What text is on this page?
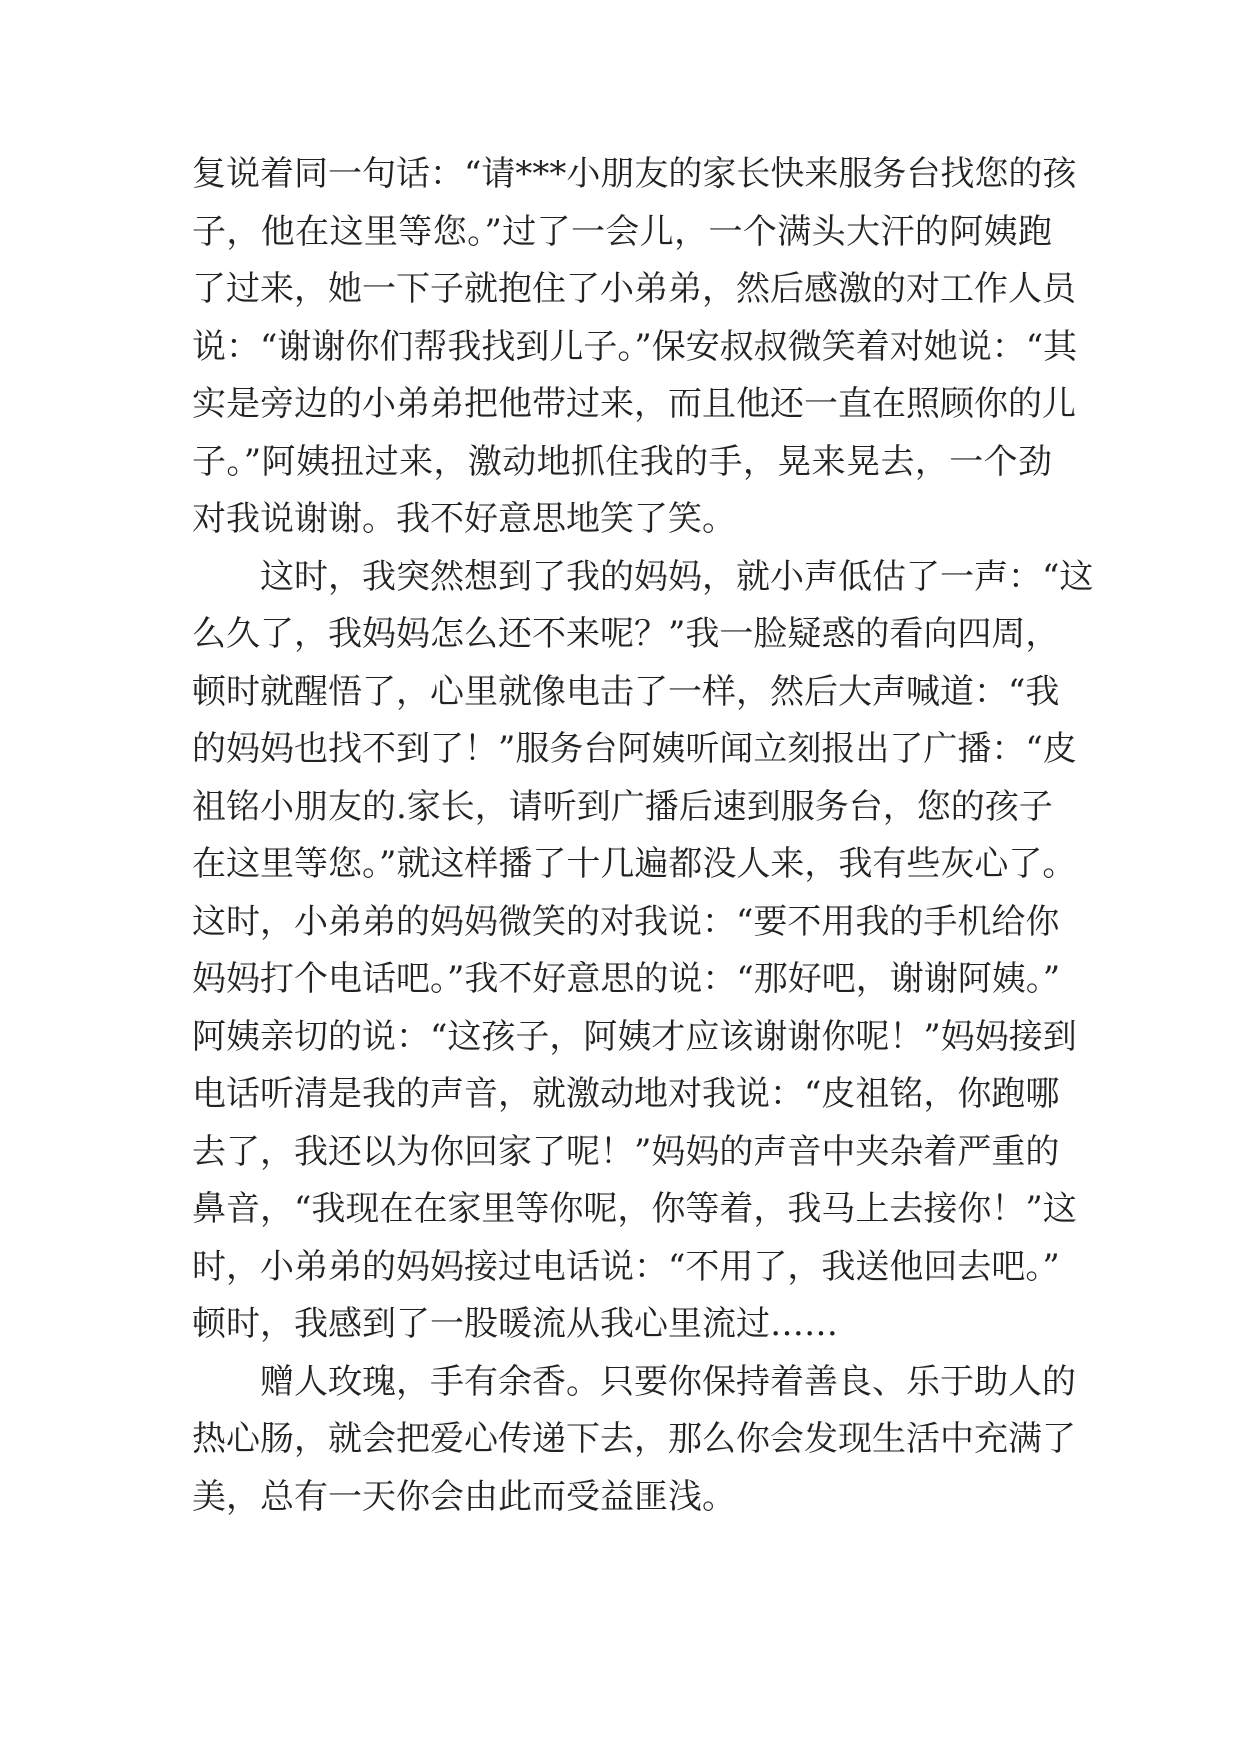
复说着同一句话：“请***小朋友的家长快来服务台找您的孩
子，他在这里等您。”过了一会儿，一个满头大汗的阿姨跑
了过来，她一下子就抱住了小弟弟，然后感激的对工作人员
说：“谢谢你们帮我找到儿子。”保安叔叔微笑着对她说：“其
实是旁边的小弟弟把他带过来，而且他还一直在照顾你的儿
子。”阿姨扭过来，激动地抓住我的手，晃来晃去，一个劲
对我说谢谢。我不好意思地笑了笑。
这时，我突然想到了我的妈妈，就小声低估了一声：“这
么久了，我妈妈怎么还不来呢？”我一脸疑惑的看向四周，
顿时就醒悟了，心里就像电击了一样，然后大声喊道：“我
的妈妈也找不到了！”服务台阿姨听闻立刻报出了广播：“皮
祖铭小朋友的.家长，请听到广播后速到服务台，您的孩子
在这里等您。”就这样播了十几遍都没人来，我有些灰心了。
这时，小弟弟的妈妈微笑的对我说：“要不用我的手机给你
妈妈打个电话吧。”我不好意思的说：“那好吧，谢谢阿姨。”
阿姨亲切的说：“这孩子，阿姨才应该谢谢你呢！”妈妈接到
电话听清是我的声音，就激动地对我说：“皮祖铭，你跑哪
去了，我还以为你回家了呢！”妈妈的声音中夹杂着严重的
鼻音，“我现在在家里等你呢，你等着，我马上去接你！”这
时，小弟弟的妈妈接过电话说：“不用了，我送他回去吧。”
顿时，我感到了一股暖流从我心里流过……
赠人玫瑰，手有余香。只要你保持着善良、乐于助人的
热心肠，就会把爱心传递下去，那么你会发现生活中充满了
美，总有一天你会由此而受益匪浅。
